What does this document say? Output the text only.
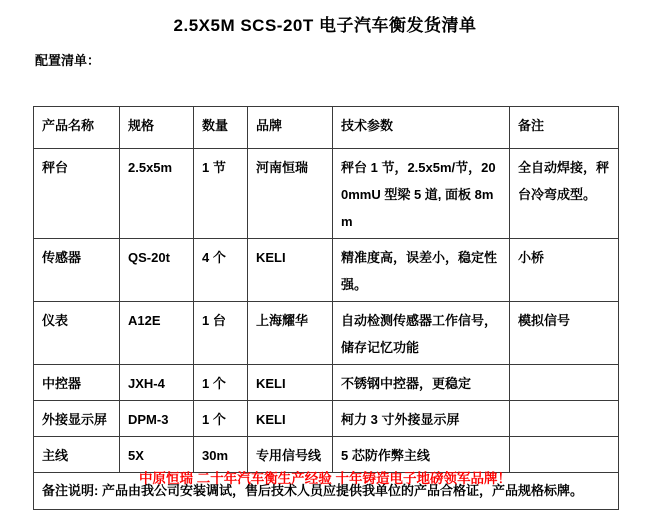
2.5X5M SCS-20T 电子汽车衡发货清单
配置清单：
产品名称	规格	数量	品牌	技术参数	备注
秤台	2.5x5m	1 节	河南恒瑞	秤台 1 节，2.5x5m/节，200mmU 型梁 5 道, 面板 8mm	全自动焊接，秤台冷弯成型。
传感器	QS-20t	4 个	KELI	精准度高，误差小，稳定性强。	小桥
仪表	A12E	1 台	上海耀华	自动检测传感器工作信号，储存记忆功能	模拟信号
中控器	JXH-4	1 个	KELI	不锈钢中控器，更稳定	
外接显示屏	DPM-3	1 个	KELI	柯力 3 寸外接显示屏	
主线	5X	30m	专用信号线	5 芯防作弊主线	
备注说明: 产品由我公司安装调试，售后技术人员应提供我单位的产品合格证，产品规格标牌。					
中原恒瑞 二十年汽车衡生产经验 十年铸造电子地磅领军品牌！
